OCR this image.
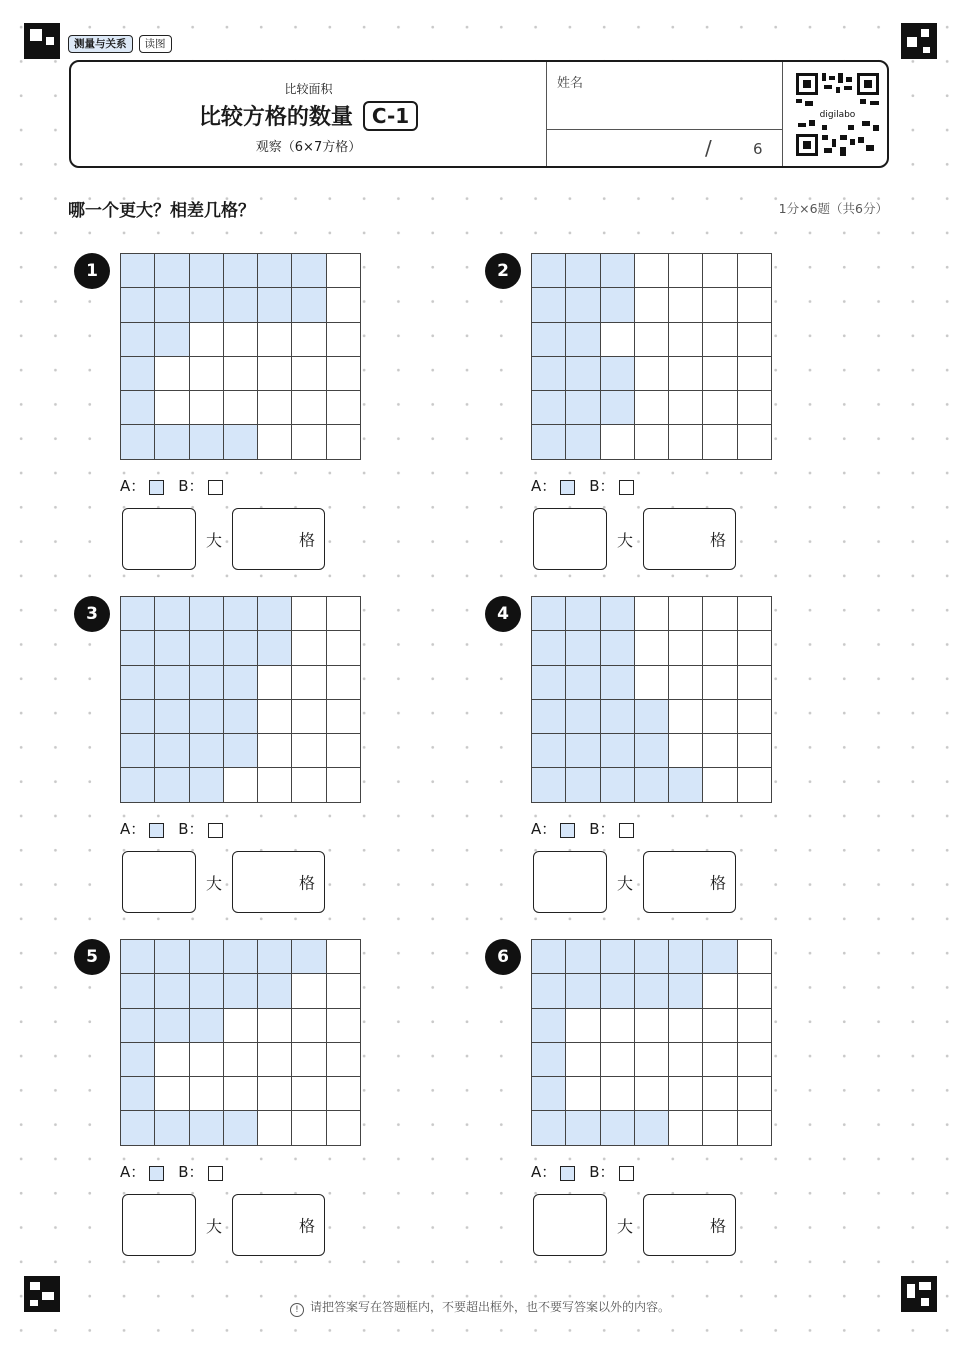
测量与关系	读图
比较面积
比较方格的数量 C-1
观察（6×7方格）
姓名
/	6
digilabo
哪一个更大？相差几格？	1分×6题（共6分）
1
A： B：
大	格
2
A： B：
大	格
3
A： B：
大	格
4
A： B：
大	格
5
A： B：
大	格
6
A： B：
大	格
! 请把答案写在答题框内，不要超出框外，也不要写答案以外的内容。
